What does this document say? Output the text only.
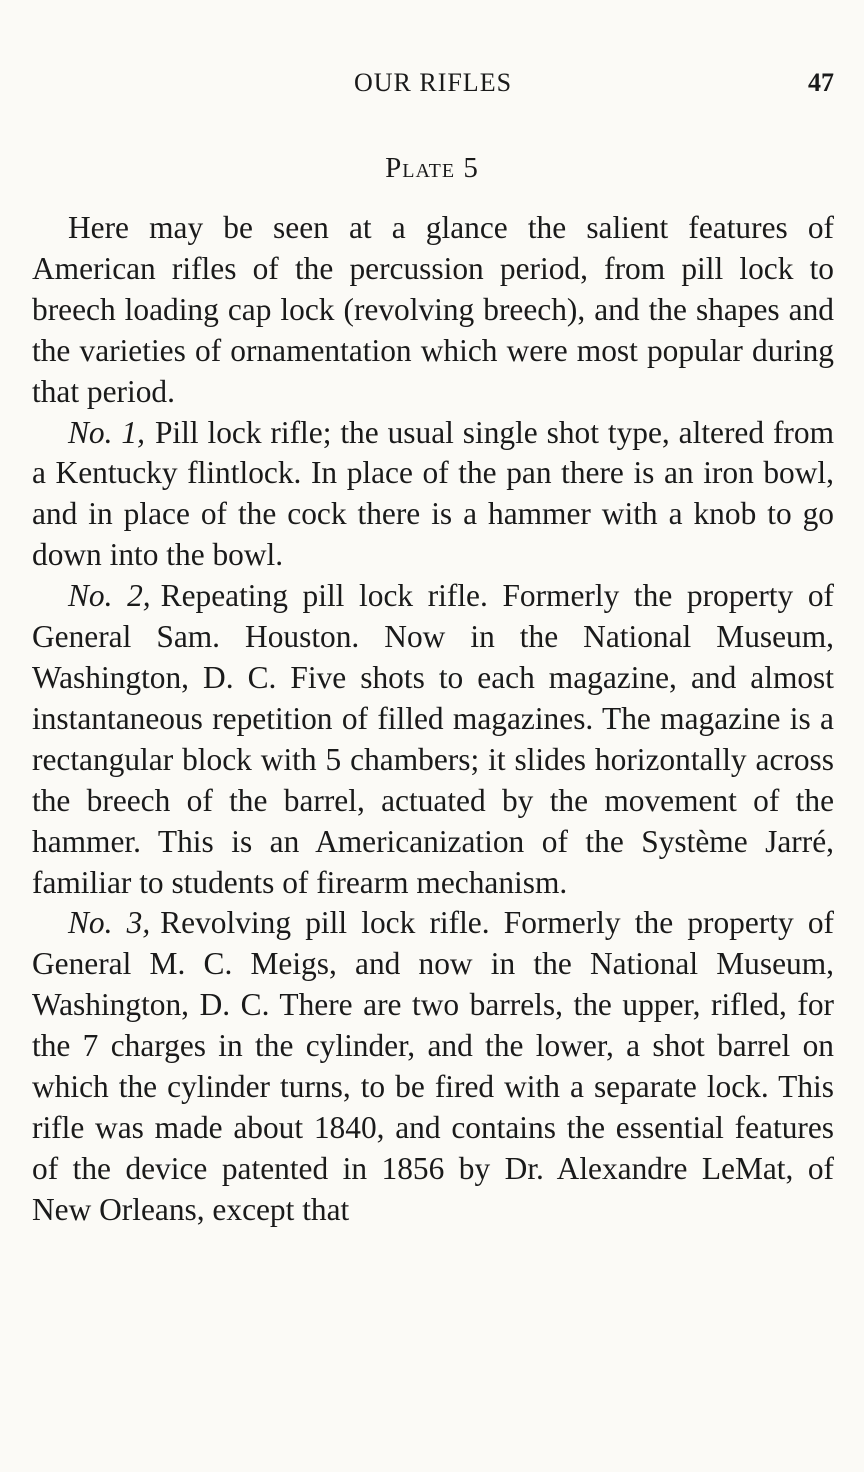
OUR RIFLES	47
Plate 5

Here may be seen at a glance the salient features of American rifles of the percussion period, from pill lock to breech loading cap lock (revolving breech), and the shapes and the varieties of ornamentation which were most popular during that period.

No. 1, Pill lock rifle; the usual single shot type, altered from a Kentucky flintlock. In place of the pan there is an iron bowl, and in place of the cock there is a hammer with a knob to go down into the bowl.

No. 2, Repeating pill lock rifle. Formerly the property of General Sam. Houston. Now in the National Museum, Washington, D. C. Five shots to each magazine, and almost instantaneous repetition of filled magazines. The magazine is a rectangular block with 5 chambers; it slides horizontally across the breech of the barrel, actuated by the movement of the hammer. This is an Americanization of the Système Jarré, familiar to students of firearm mechanism.

No. 3, Revolving pill lock rifle. Formerly the property of General M. C. Meigs, and now in the National Museum, Washington, D. C. There are two barrels, the upper, rifled, for the 7 charges in the cylinder, and the lower, a shot barrel on which the cylinder turns, to be fired with a separate lock. This rifle was made about 1840, and contains the essential features of the device patented in 1856 by Dr. Alexandre LeMat, of New Orleans, except that
